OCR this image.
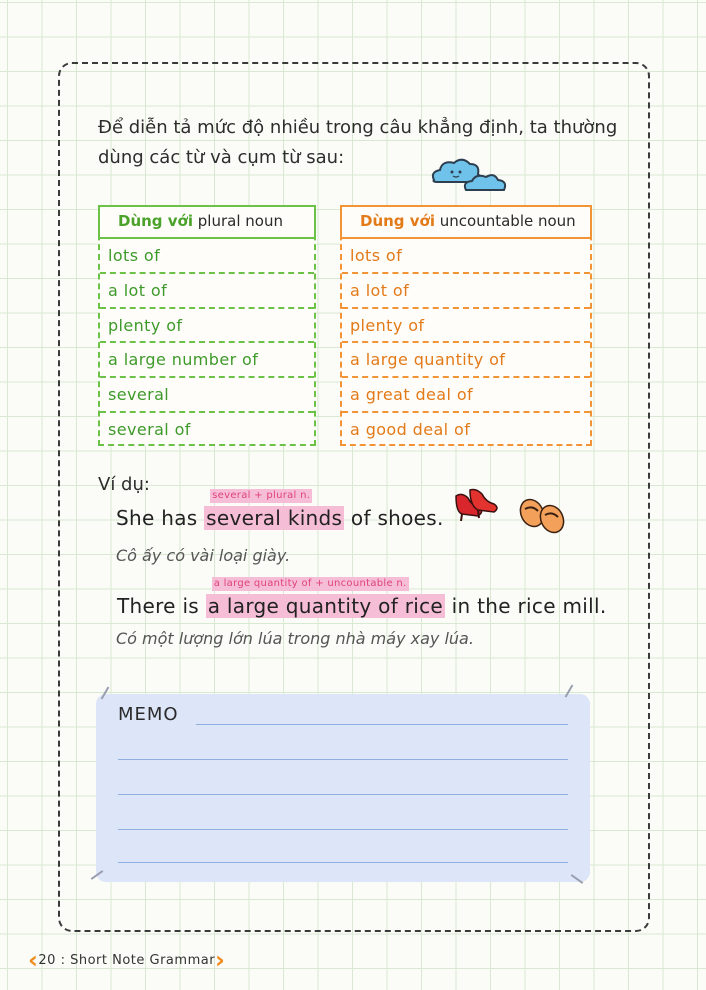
Để diễn tả mức độ nhiều trong câu khẳng định, ta thường
dùng các từ và cụm từ sau:
Dùng với plural noun
lots of
a lot of
plenty of
a large number of
several
several of
Dùng với uncountable noun
lots of
a lot of
plenty of
a large quantity of
a great deal of
a good deal of
Ví dụ:
She has
several + plural n.
several kinds of shoes.
Cô ấy có vài loại giày.
There is
a large quantity of + uncountable n.
a large quantity of rice in the rice mill.
Có một lượng lớn lúa trong nhà máy xay lúa.
MEMO
‹ 20 : Short Note Grammar ›
